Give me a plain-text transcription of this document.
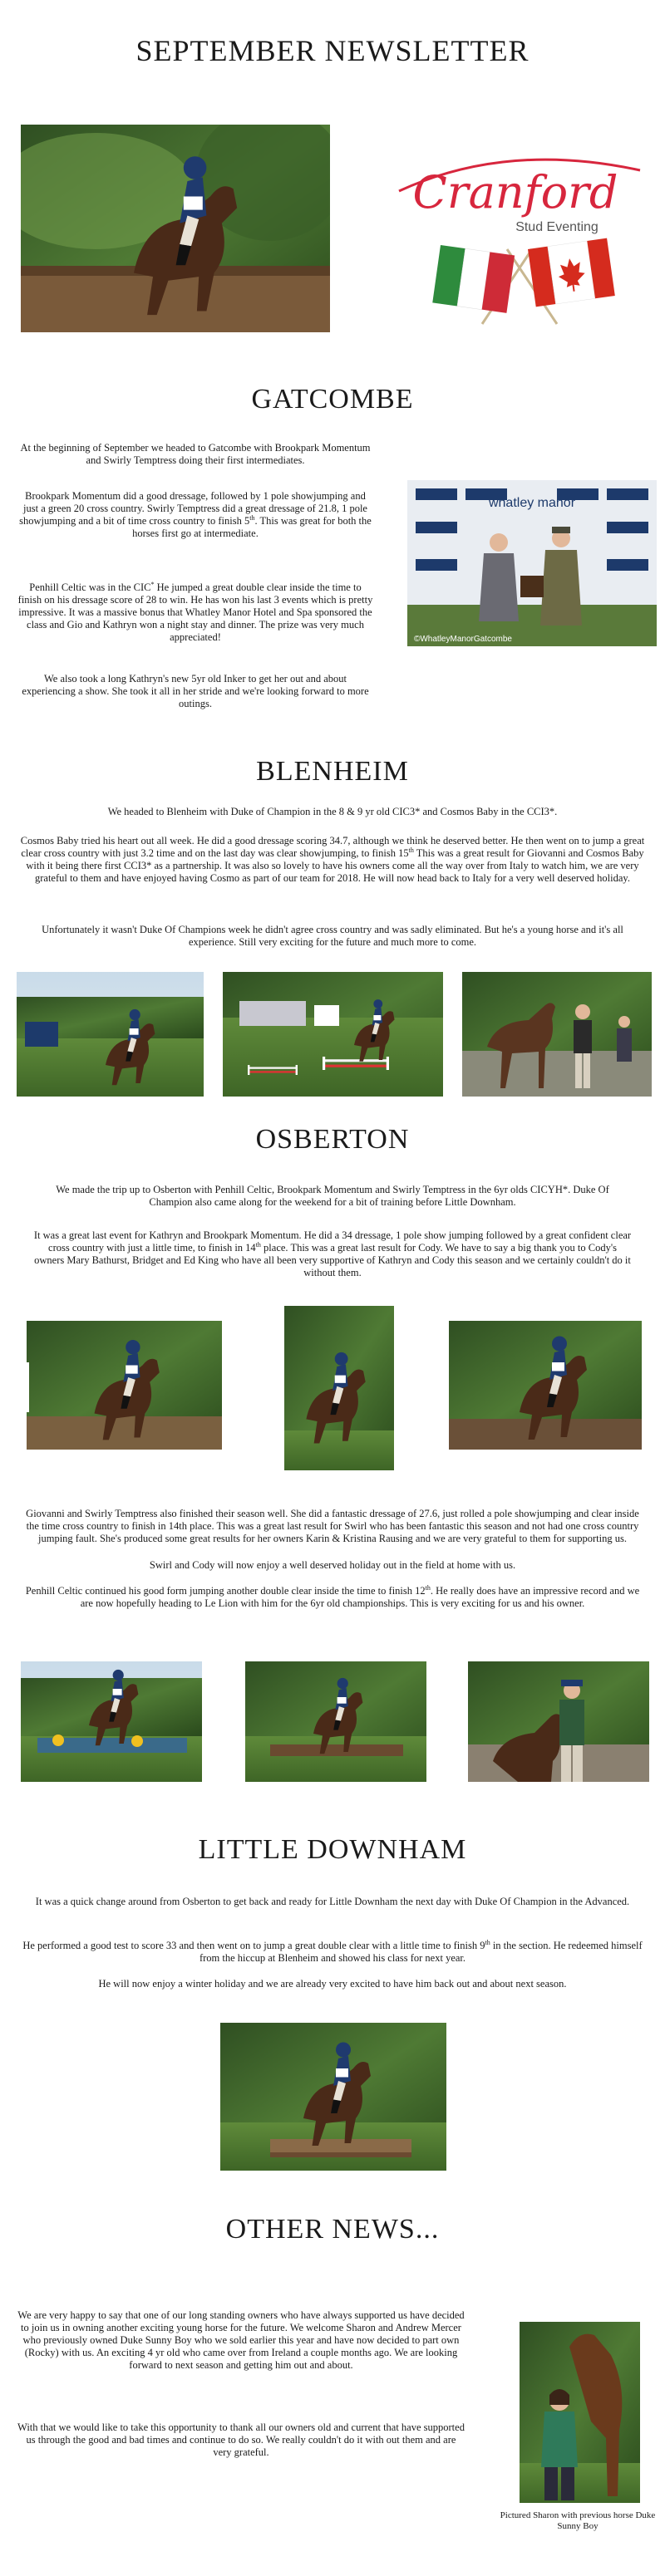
SEPTEMBER NEWSLETTER
Cranford
Stud Eventing
GATCOMBE

At the beginning of September we headed to Gatcombe with Brookpark Momentum and Swirly Temptress doing their first intermediates.

Brookpark Momentum did a good dressage, followed by 1 pole showjumping and just a green 20 cross country. Swirly Temptress did a great dressage of 21.8, 1 pole showjumping and a bit of time cross country to finish 5th. This was great for both the horses first go at intermediate.

Penhill Celtic was in the CIC* He jumped a great double clear inside the time to finish on his dressage score of 28 to win. He has won his last 3 events which is pretty impressive. It was a massive bonus that Whatley Manor Hotel and Spa sponsored the class and Gio and Kathryn won a night stay and dinner. The prize was very much appreciated!

We also took a long Kathryn's new 5yr old Inker to get her out and about experiencing a show. She took it all in her stride and we're looking forward to more outings.

whatley manor
©WhatleyManorGatcombe
BLENHEIM

We headed to Blenheim with Duke of Champion in the 8 & 9 yr old CIC3* and Cosmos Baby in the CCI3*.

Cosmos Baby tried his heart out all week. He did a good dressage scoring 34.7, although we think he deserved better. He then went on to jump a great clear cross country with just 3.2 time and on the last day was clear showjumping, to finish 15th This was a great result for Giovanni and Cosmos Baby with it being there first CCI3* as a partnership. It was also so lovely to have his owners come all the way over from Italy to watch him, we are very grateful to them and have enjoyed having Cosmo as part of our team for 2018. He will now head back to Italy for a very well deserved holiday.

Unfortunately it wasn't Duke Of Champions week he didn't agree cross country and was sadly eliminated. But he's a young horse and it's all experience. Still very exciting for the future and much more to come.

OSBERTON

We made the trip up to Osberton with Penhill Celtic, Brookpark Momentum and Swirly Temptress in the 6yr olds CICYH*. Duke Of Champion also came along for the weekend for a bit of training before Little Downham.

It was a great last event for Kathryn and Brookpark Momentum. He did a 34 dressage, 1 pole show jumping followed by a great confident clear cross country with just a little time, to finish in 14th place. This was a great last result for Cody. We have to say a big thank you to Cody's owners Mary Bathurst, Bridget and Ed King who have all been very supportive of Kathryn and Cody this season and we certainly couldn't do it without them.

Giovanni and Swirly Temptress also finished their season well. She did a fantastic dressage of 27.6, just rolled a pole showjumping and clear inside the time cross country to finish in 14th place. This was a great last result for Swirl who has been fantastic this season and not had one cross country jumping fault. She's produced some great results for her owners Karin & Kristina Rausing and we are very grateful to them for supporting us.

Swirl and Cody will now enjoy a well deserved holiday out in the field at home with us.

Penhill Celtic continued his good form jumping another double clear inside the time to finish 12th. He really does have an impressive record and we are now hopefully heading to Le Lion with him for the 6yr old championships. This is very exciting for us and his owner.

LITTLE DOWNHAM

It was a quick change around from Osberton to get back and ready for Little Downham the next day with Duke Of Champion in the Advanced.

He performed a good test to score 33 and then went on to jump a great double clear with a little time to finish 9th in the section. He redeemed himself from the hiccup at Blenheim and showed his class for next year.

He will now enjoy a winter holiday and we are already very excited to have him back out and about next season.

OTHER NEWS...

We are very happy to say that one of our long standing owners who have always supported us have decided to join us in owning another exciting young horse for the future. We welcome Sharon and Andrew Mercer who previously owned Duke Sunny Boy who we sold earlier this year and have now decided to part own (Rocky) with us. An exciting 4 yr old who came over from Ireland a couple months ago. We are looking forward to next season and getting him out and about.

With that we would like to take this opportunity to thank all our owners old and current that have supported us through the good and bad times and continue to do so. We really couldn't do it with out them and are very grateful.

Pictured Sharon with previous horse Duke Sunny Boy
